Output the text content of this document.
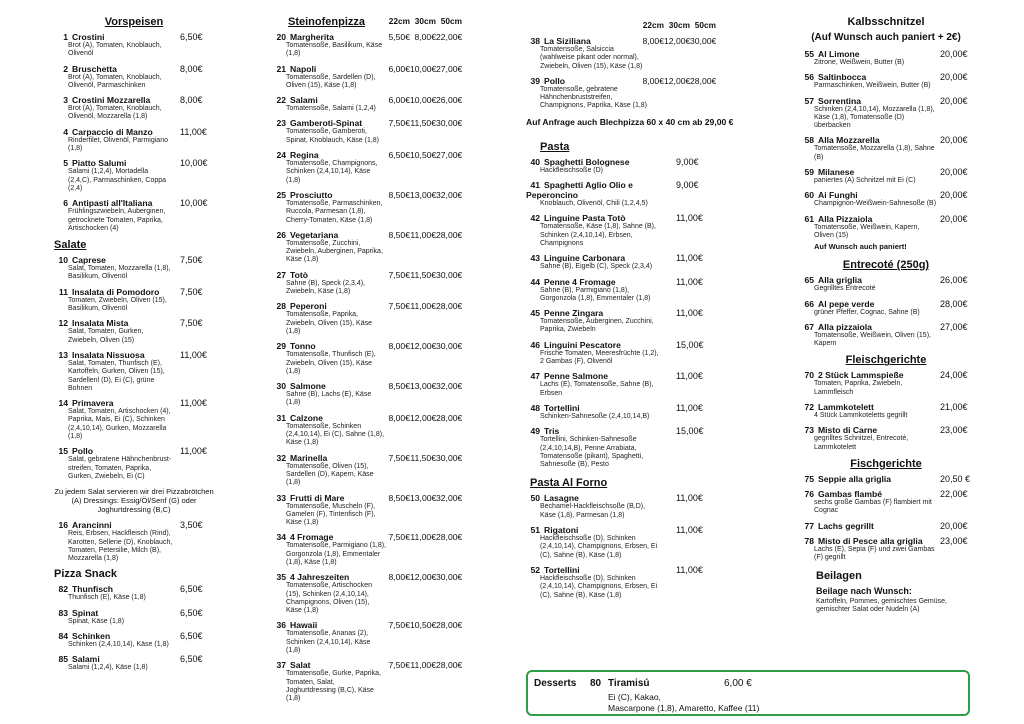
Vorspeisen
1 Crostini	6,50€
Brot (A), Tomaten, Knoblauch, Olivenöl
2 Bruschetta	8,00€
Brot (A), Tomaten, Knoblauch, Olivenöl, Parmaschinken
3 Crostini Mozzarella	8,00€
Brot (A), Tomaten, Knoblauch, Olivenöl, Mozzarella (1,8)
4 Carpaccio di Manzo	11,00€
Rinderfilet, Olivenöl, Parmigiano (1,8)
5 Piatto Salumi	10,00€
Salami (1,2,4), Mortadella (2,4,C), Parmaschinken, Coppa (2,4)
6 Antipasti all'Italiana	10,00€
Frühlingszwiebeln, Auberginen, getrocknete Tomaten, Paprika, Artischocken (4)
Salate
10 Caprese	7,50€
Salat, Tomaten, Mozzarella (1,8), Basilikum, Olivenöl
11 Insalata di Pomodoro	7,50€
Tomaten, Zwiebeln, Oliven (15), Basilikum, Olivenöl
12 Insalata Mista	7,50€
Salat, Tomaten, Gurken, Zwiebeln, Oliven (15)
13 Insalata Nissuosa	11,00€
Salat, Tomaten, Thunfisch (E), Kartoffeln, Gurken, Oliven (15), Sardellenl (D), Ei (C), grüne Bohnen
14 Primavera	11,00€
Salat, Tomaten, Artischocken (4), Paprika, Mais, Ei (C), Schinken (2,4,10,14), Gurken, Mozzarella (1,8)
15 Pollo	11,00€
Salat, gebratene Hähnchenbrust-streifen, Tomaten, Paprika, Gurken, Zwiebeln, Ei (C)
Zu jedem Salat servieren wir drei Pizzabrötchen (A) Dressings: Essig/Öl/Senf (G) oder Joghurtdressing (B,C)
16 Arancinni	3,50€
Reis, Erbsen, Hackfleisch (Rind), Karotten, Sellerie (D), Knoblauch, Tomaten, Petersilie, Milch (B), Mozzarella (1,8)
Pizza Snack
82 Thunfisch	6,50€
Thunfisch (E), Käse (1,8)
83 Spinat	6,50€
Spinat, Käse (1,8)
84 Schinken	6,50€
Schinken (2,4,10,14), Käse (1,8)
85 Salami	6,50€
Salami (1,2,4), Käse (1,8)
Steinofenpizza	22cm 30cm 50cm
20 Margherita	5,50€ 8,00€22,00€
Tomatensoße, Basilikum, Käse (1,8)
21 Napoli	6,00€10,00€27,00€
Tomatensoße, Sardellen (D), Oliven (15), Käse (1,8)
22 Salami	6,00€10,00€26,00€
Tomatensoße, Salami (1,2,4)
23 Gamberoti-Spinat	7,50€11,50€30,00€
Tomatensoße, Gamberoti, Spinat, Knoblauch, Käse (1,8)
24 Regina	6,50€10,50€27,00€
Tomatensoße, Champignons, Schinken (2,4,10,14), Käse (1,8)
25 Prosciutto	8,50€13,00€32,00€
Tomatensoße, Parmaschinken, Ruccola, Parmesan (1,8), Cherry-Tomaten, Käse (1,8)
26 Vegetariana	8,50€11,00€28,00€
Tomatensoße, Zucchini, Zwiebeln, Auberginen, Paprika, Käse (1,8)
27 Totò	7,50€11,50€30,00€
Sahne (B), Speck (2,3,4), Zwiebeln, Käse (1,8)
28 Peperoni	7,50€11,00€28,00€
Tomatensoße, Paprika, Zwiebeln, Oliven (15), Käse (1,8)
29 Tonno	8,00€12,00€30,00€
Tomatensoße, Thunfisch (E), Zwiebeln, Oliven (15), Käse (1,8)
30 Salmone	8,50€13,00€32,00€
Sahne (B), Lachs (E), Käse (1,8)
31 Calzone	8,00€12,00€28,00€
Tomatensoße, Schinken (2,4,10,14), Ei (C), Sahne (1,8), Käse (1,8)
32 Marinella	7,50€11,50€30,00€
Tomatensoße, Oliven (15), Sardellen (D), Kapern, Käse (1,8)
33 Frutti di Mare	8,50€13,00€32,00€
Tomatensoße, Muscheln (F), Gamelen (F), Tintenfisch (F), Käse (1,8)
34 4 Fromage	7,50€11,00€28,00€
Tomatensoße, Parmigiano (1,8), Gorgonzola (1,8), Emmentaler (1,8), Käse (1,8)
35 4 Jahreszeiten	8,00€12,00€30,00€
Tomatensoße, Artischocken (15), Schinken (2,4,10,14), Champignons, Oliven (15), Käse (1,8)
36 Hawaii	7,50€10,50€28,00€
Tomatensoße, Ananas (2), Schinken (2,4,10,14), Käse (1,8)
37 Salat	7,50€11,00€28,00€
Tomatensoße, Gurke, Paprika, Tomaten, Salat, Joghurtdressing (B,C), Käse (1,8)
22cm 30cm 50cm
38 La Siziliana	8,00€12,00€30,00€
Tomatensoße, Salsiccia (wahlweise pikant oder normal), Zwiebeln, Oliven (15), Käse (1,8)
39 Pollo	8,00€12,00€28,00€
Tomatensoße, gebratene Hähnchenbruststreifen, Champignons, Paprika, Käse (1,8)
Auf Anfrage auch Blechpizza 60 x 40 cm ab 29,00 €
Pasta
40 Spaghetti Bolognese	9,00€
Hackfleischsoße (D)
41 Spaghetti Aglio Olio e Peperoncino
9,00€
Knoblauch, Olivenöl, Chili (1,2,4,5)
42 Linguine Pasta Totò	11,00€
Tomatensoße, Käse (1,8), Sahne (B), Schinken (2,4,10,14), Erbsen, Champignons
43 Linguine Carbonara	11,00€
Sahne (B), Eigelb (C), Speck (2,3,4)
44 Penne 4 Fromage	11,00€
Sahne (B), Parmigiano (1,8), Gorgonzola (1,8), Emmentaler (1,8)
45 Penne Zingara	11,00€
Tomatensoße, Auberginen, Zucchini, Paprika, Zwiebeln
46 Linguini Pescatore	15,00€
Frische Tomaten, Meeresfrüchte (1,2), 2 Gambas (F), Olivenöl
47 Penne Salmone	11,00€
Lachs (E), Tomatensoße, Sahne (B), Erbsen
48 Tortellini	11,00€
Schinken-Sahnesoße (2,4,10,14,B)
49 Tris	15,00€
Tortellini, Schinken-Sahnesoße (2,4,10,14,B), Penne Arrabiata, Tomatensoße (pikant), Spaghetti, Sahnesoße (B), Pesto
Pasta Al Forno
50 Lasagne	11,00€
Bechamel-Hackfleischsoße (B,D), Käse (1,8), Parmesan (1,8)
51 Rigatoni	11,00€
Hackfleischsoße (D), Schinken (2,4,10,14), Champignons, Erbsen, Ei (C), Sahne (B), Käse (1,8)
52 Tortellini	11,00€
Hackfleischsoße (D), Schinken (2,4,10,14), Champignons, Erbsen, Ei (C), Sahne (B), Käse (1,8)
Desserts 80 Tiramisú	6,00 €
Ei (C), Kakao,
Mascarpone (1,8), Amaretto, Kaffee (11)
Kalbsschnitzel
(Auf Wunsch auch paniert + 2€)
55 Al Limone	20,00€
Zitrone, Weißwein, Butter (B)
56 Saltinbocca	20,00€
Parmaschinken, Weißwein, Butter (B)
57 Sorrentina	20,00€
Schinken (2,4,10,14), Mozzarella (1,8), Käse (1,8), Tomatensoße (D) überbacken
58 Alla Mozzarella	20,00€
Tomatensoße, Mozzarella (1,8), Sahne (B)
59 Milanese	20,00€
paniertes (A) Schnitzel mit Ei (C)
60 Ai Funghi	20,00€
Champignon-Weißwein-Sahnesoße (B)
61 Alla Pizzaiola	20,00€
Tomatensoße, Weißwein, Kapern, Oliven (15)
Auf Wunsch auch paniert!
Entrecoté (250g)
65 Alla griglia	26,00€
Gegrilltes Entrecoté
66 Al pepe verde	28,00€
grüner Pfeffer, Cognac, Sahne (B)
67 Alla pizzaiola	27,00€
Tomatensoße, Weißwein, Oliven (15), Kapern
Fleischgerichte
70 2 Stück Lammspieße	24,00€
Tomaten, Paprika, Zwiebeln, Lammfleisch
72 Lammkotelett	21,00€
4 Stück Lammkoteletts gegrillt
73 Misto di Carne	23,00€
gegrilltes Schnitzel, Entrecoté, Lammkotelett
Fischgerichte
75 Seppie alla griglia	20,50 €
76 Gambas flambé	22,00€
sechs große Gambas (F) flambiert mit Cognac
77 Lachs gegrillt	20,00€
78 Misto di Pesce alla griglia	23,00€
Lachs (E), Sepia (F) und zwei Gambas (F) gegrillt
Beilagen
Beilage nach Wunsch:
Kartoffeln, Pommes, gemischtes Gemüse, gemischter Salat oder Nudeln (A)
